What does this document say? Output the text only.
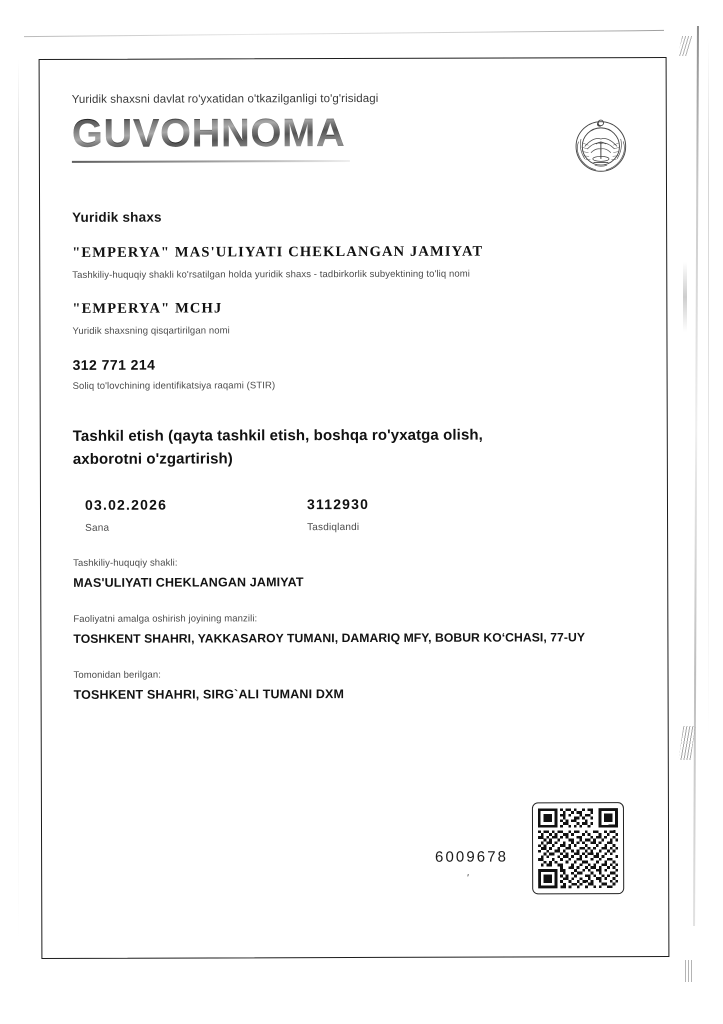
Yuridik shaxsni davlat ro'yxatidan o'tkazilganligi to'g'risidagi

GUVOHNOMA
Yuridik shaxs
"EMPERYA" MAS'ULIYATI CHEKLANGAN JAMIYAT
Tashkiliy-huquqiy shakli ko'rsatilgan holda yuridik shaxs - tadbirkorlik subyektining to'liq nomi
"EMPERYA" MCHJ
Yuridik shaxsning qisqartirilgan nomi
312 771 214
Soliq to'lovchining identifikatsiya raqami (STIR)
Tashkil etish (qayta tashkil etish, boshqa ro'yxatga olish, axborotni o'zgartirish)
03.02.2026
Sana
3112930
Tasdiqlandi
Tashkiliy-huquqiy shakli:
MAS'ULIYATI CHEKLANGAN JAMIYAT
Faoliyatni amalga oshirish joyining manzili:
TOSHKENT SHAHRI, YAKKASAROY TUMANI, DAMARIQ MFY, BOBUR KO‘CHASI, 77-UY
Tomonidan berilgan:
TOSHKENT SHAHRI, SIRG`ALI TUMANI DXM
6009678
ʹ
